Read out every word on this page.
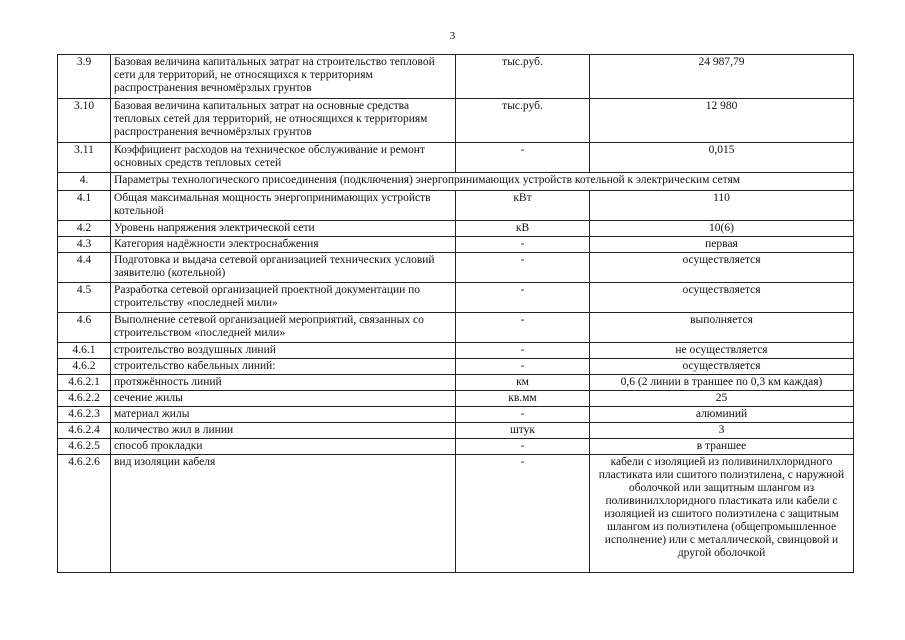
3
3.9	Базовая величина капитальных затрат на строительство тепловой сети для территорий, не относящихся к территориям распространения вечномёрзлых грунтов	тыс.руб.	24 987,79
3.10	Базовая величина капитальных затрат на основные средства тепловых сетей для территорий, не относящихся к территориям распространения вечномёрзлых грунтов	тыс.руб.	12 980
3.11	Коэффициент расходов на техническое обслуживание и ремонт основных средств тепловых сетей	-	0,015
4.	Параметры технологического присоединения (подключения) энергопринимающих устройств котельной к электрическим сетям		
4.1	Общая максимальная мощность энергопринимающих устройств котельной	кВт	110
4.2	Уровень напряжения электрической сети	кВ	10(6)
4.3	Категория надёжности электроснабжения	-	первая
4.4	Подготовка и выдача сетевой организацией технических условий заявителю (котельной)	-	осуществляется
4.5	Разработка сетевой организацией проектной документации по строительству «последней мили»	-	осуществляется
4.6	Выполнение сетевой организацией мероприятий, связанных со строительством «последней мили»	-	выполняется
4.6.1	строительство воздушных линий	-	не осуществляется
4.6.2	строительство кабельных линий:	-	осуществляется
4.6.2.1	протяжённость линий	км	0,6 (2 линии в траншее по 0,3 км каждая)
4.6.2.2	сечение жилы	кв.мм	25
4.6.2.3	материал жилы	-	алюминий
4.6.2.4	количество жил в линии	штук	3
4.6.2.5	способ прокладки	-	в траншее
4.6.2.6	вид изоляции кабеля	-	кабели с изоляцией из поливинилхлоридного пластиката или сшитого полиэтилена, с наружной оболочкой или защитным шлангом из поливинилхлоридного пластиката или кабели с изоляцией из сшитого полиэтилена с защитным шлангом из полиэтилена (общепромышленное исполнение) или с металлической, свинцовой и другой оболочкой
